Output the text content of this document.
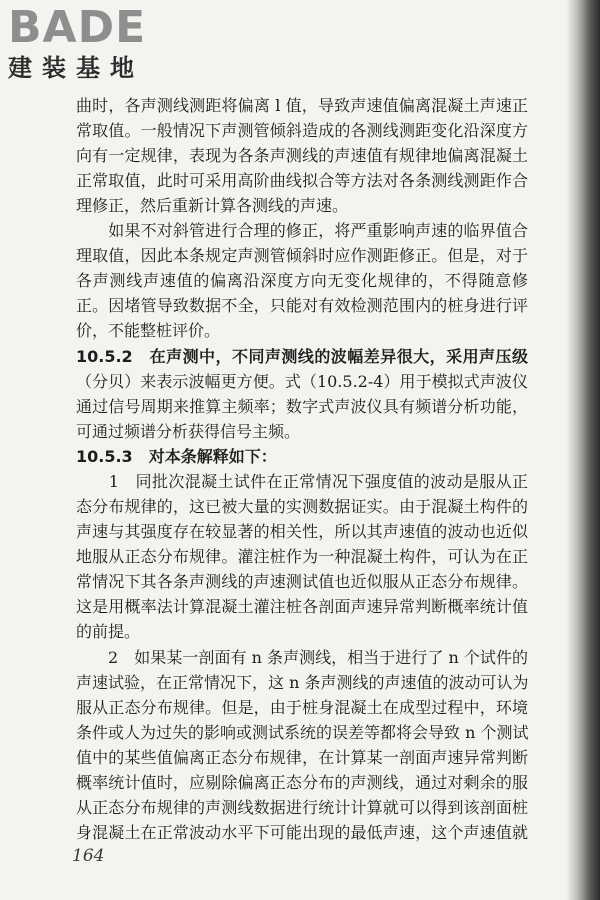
BADE
建装基地
曲时，各声测线测距将偏离 l 值，导致声速值偏离混凝土声速正
常取值。一般情况下声测管倾斜造成的各测线测距变化沿深度方
向有一定规律，表现为各条声测线的声速值有规律地偏离混凝土
正常取值，此时可采用高阶曲线拟合等方法对各条测线测距作合
理修正，然后重新计算各测线的声速。
　　如果不对斜管进行合理的修正，将严重影响声速的临界值合
理取值，因此本条规定声测管倾斜时应作测距修正。但是，对于
各声测线声速值的偏离沿深度方向无变化规律的，不得随意修
正。因堵管导致数据不全，只能对有效检测范围内的桩身进行评
价，不能整桩评价。
10.5.2　在声测中，不同声测线的波幅差异很大，采用声压级
（分贝）来表示波幅更方便。式（10.5.2-4）用于模拟式声波仪
通过信号周期来推算主频率；数字式声波仪具有频谱分析功能，
可通过频谱分析获得信号主频。
10.5.3　对本条解释如下：
　　1　同批次混凝土试件在正常情况下强度值的波动是服从正
态分布规律的，这已被大量的实测数据证实。由于混凝土构件的
声速与其强度存在较显著的相关性，所以其声速值的波动也近似
地服从正态分布规律。灌注桩作为一种混凝土构件，可认为在正
常情况下其各条声测线的声速测试值也近似服从正态分布规律。
这是用概率法计算混凝土灌注桩各剖面声速异常判断概率统计值
的前提。
　　2　如果某一剖面有 n 条声测线，相当于进行了 n 个试件的
声速试验，在正常情况下，这 n 条声测线的声速值的波动可认为
服从正态分布规律。但是，由于桩身混凝土在成型过程中，环境
条件或人为过失的影响或测试系统的误差等都将会导致 n 个测试
值中的某些值偏离正态分布规律，在计算某一剖面声速异常判断
概率统计值时，应剔除偏离正态分布的声测线，通过对剩余的服
从正态分布规律的声测线数据进行统计计算就可以得到该剖面桩
身混凝土在正常波动水平下可能出现的最低声速，这个声速值就
164
